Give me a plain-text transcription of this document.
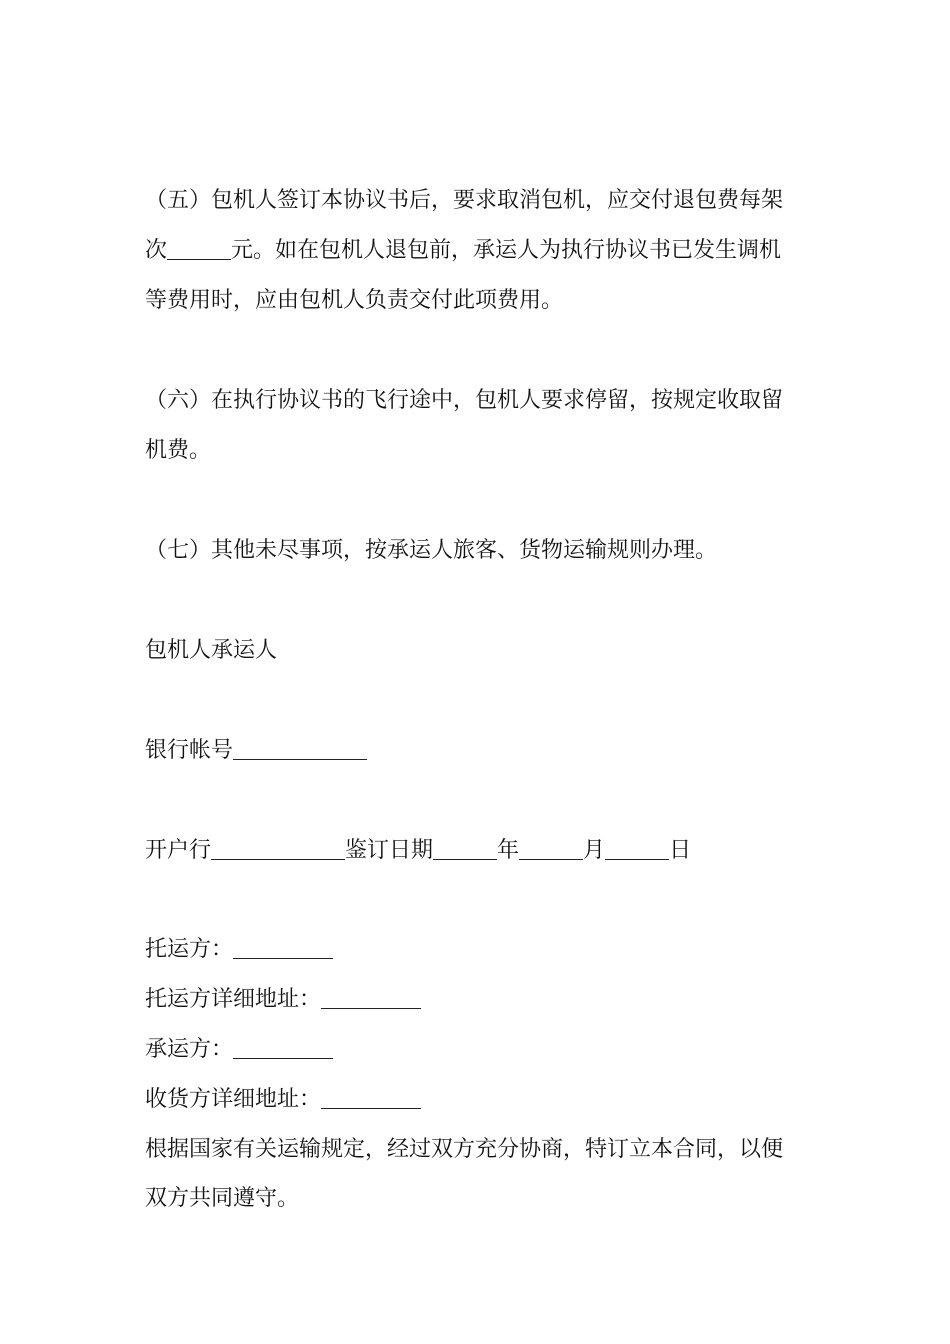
（五）包机人签订本协议书后，要求取消包机，应交付退包费每架
次	元。如在包机人退包前，承运人为执行协议书已发生调机
等费用时，应由包机人负责交付此项费用。
（六）在执行协议书的飞行途中，包机人要求停留，按规定收取留
机费。
（七）其他未尽事项，按承运人旅客、货物运输规则办理。
包机人承运人
银行帐号
开户行	鉴订日期	年	月	日
托运方：
托运方详细地址：
承运方：
收货方详细地址：
根据国家有关运输规定，经过双方充分协商，特订立本合同，以便
双方共同遵守。
